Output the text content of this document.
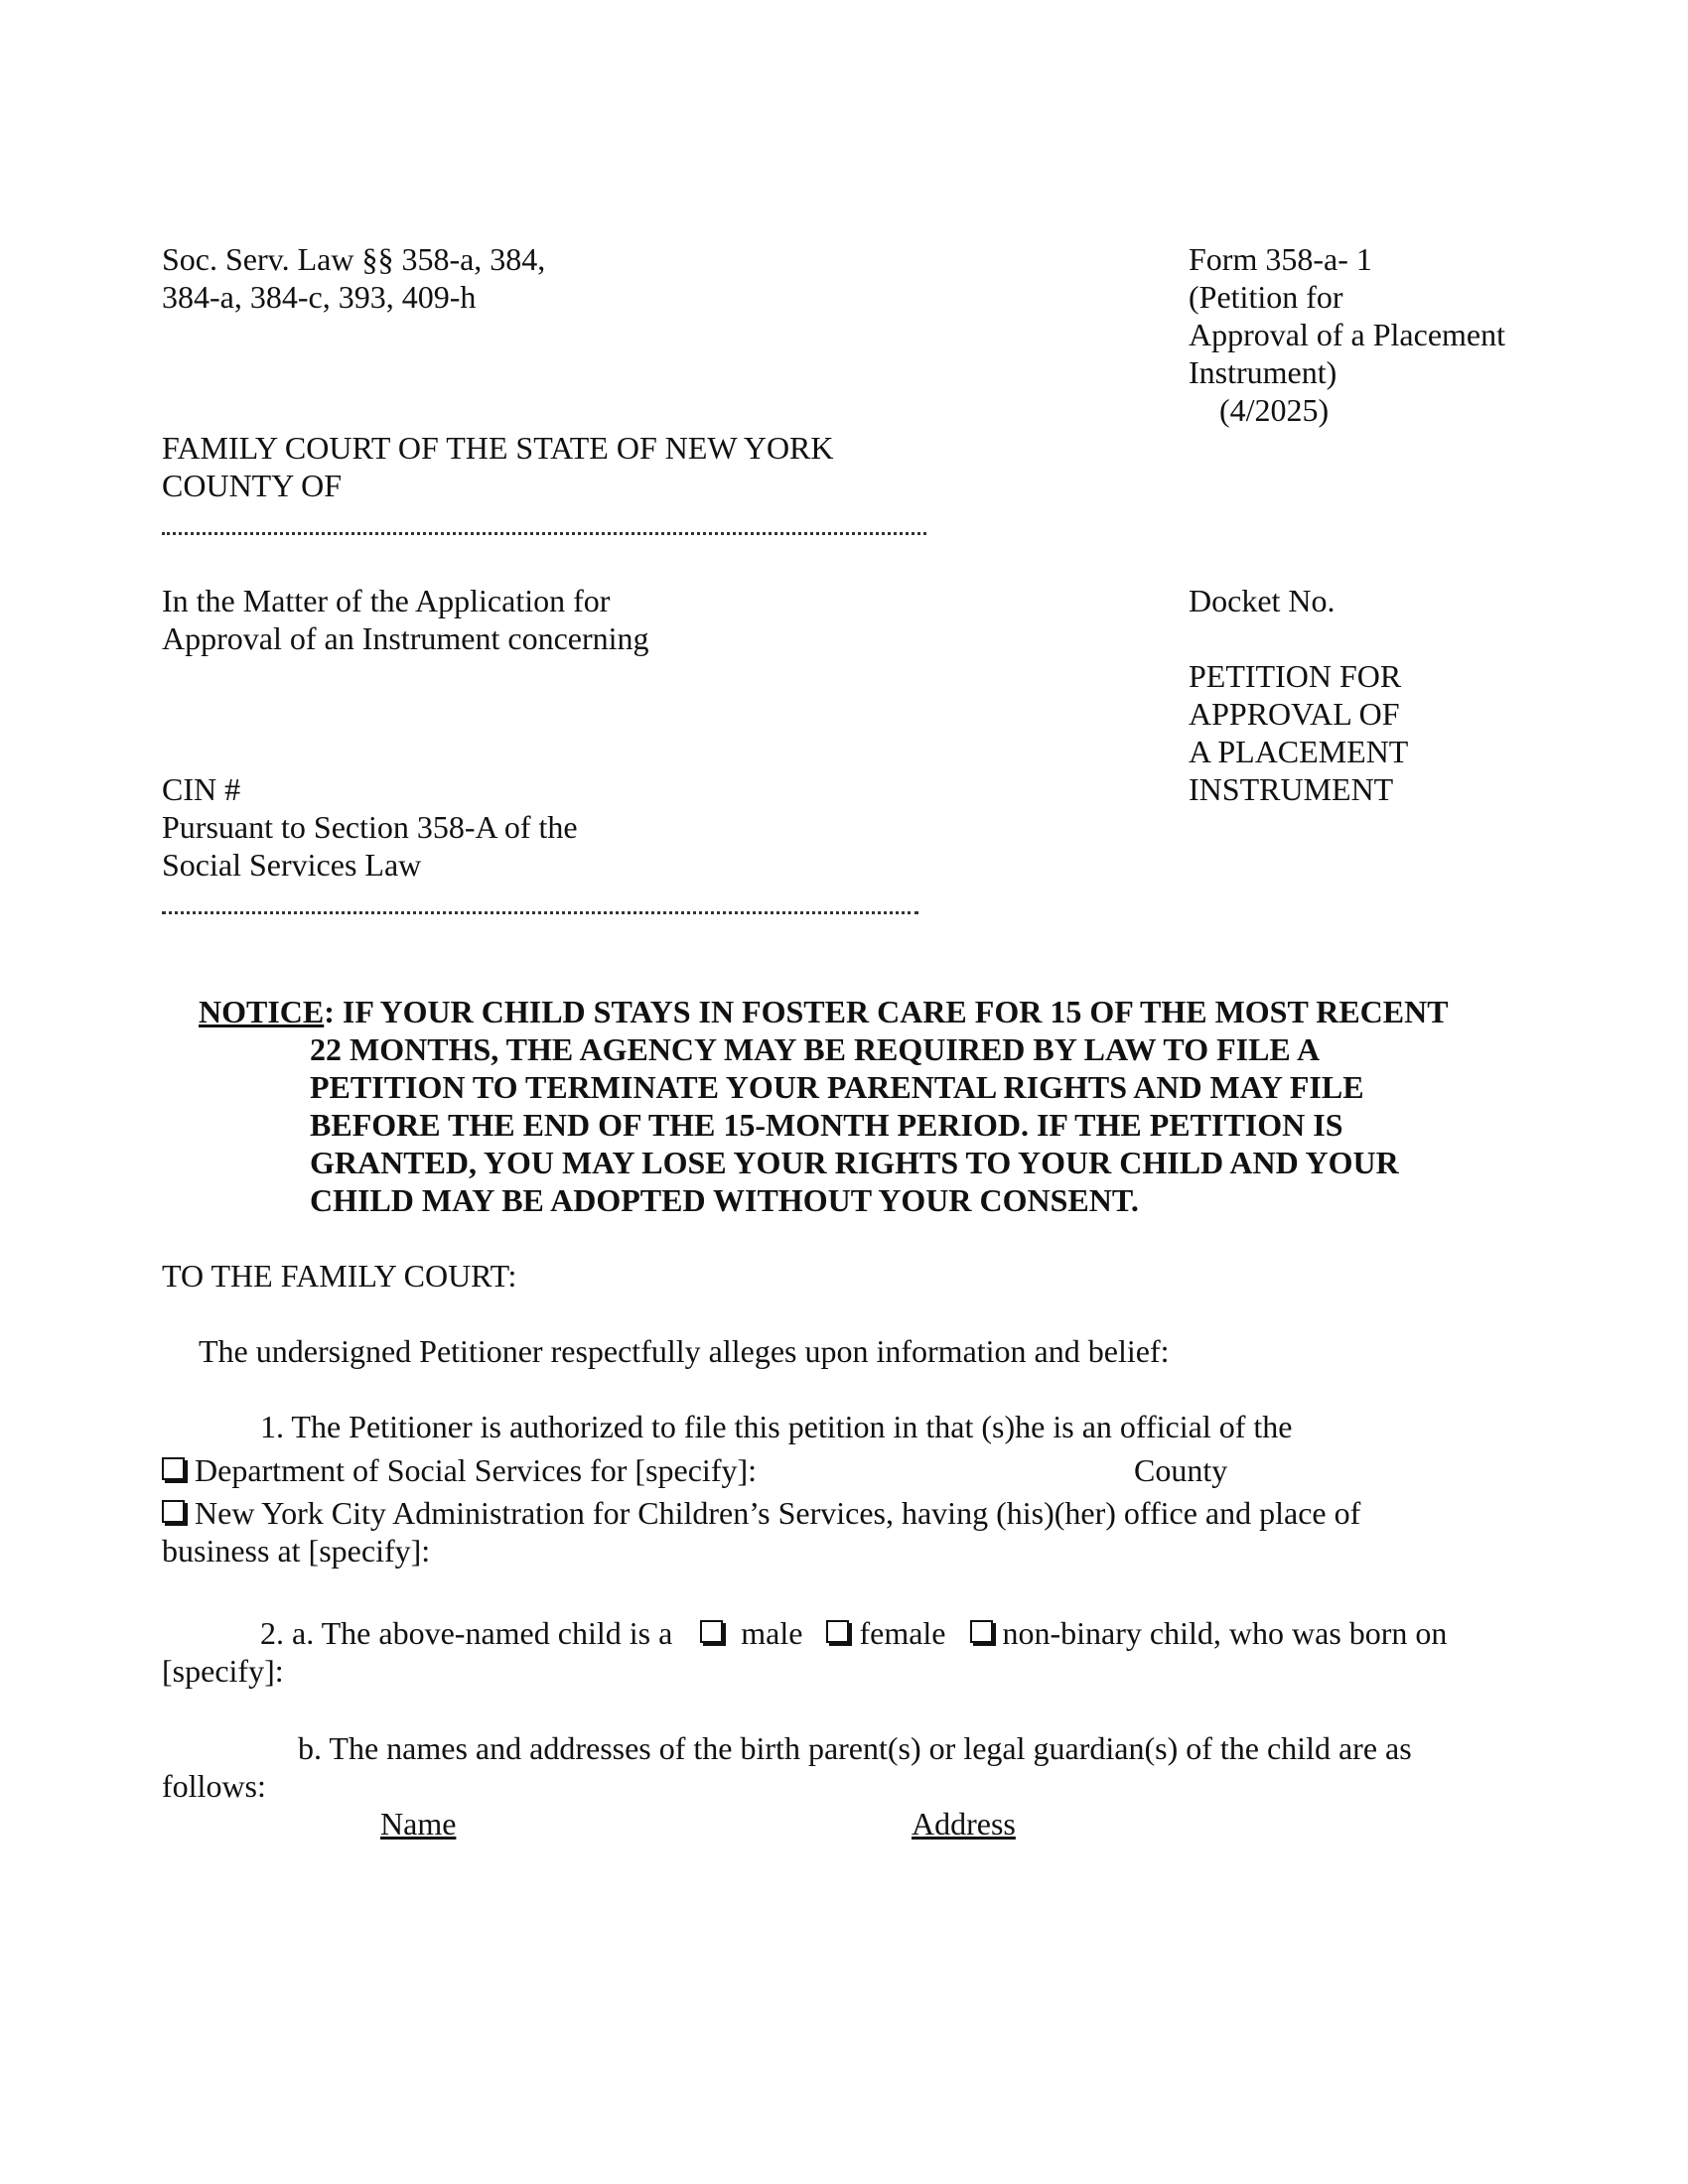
Soc. Serv. Law §§ 358-a, 384,
384-a, 384-c, 393, 409-h
Form 358-a- 1
(Petition for
Approval of a Placement
Instrument)
(4/2025)
FAMILY COURT OF THE STATE OF NEW YORK
COUNTY OF
In the Matter of the Application for
Approval of an Instrument concerning
Docket No.
PETITION FOR
APPROVAL OF
A PLACEMENT
INSTRUMENT
CIN #
Pursuant to Section 358-A of the
Social Services Law
NOTICE: IF YOUR CHILD STAYS IN FOSTER CARE FOR 15 OF THE MOST RECENT
22 MONTHS, THE AGENCY MAY BE REQUIRED BY LAW TO FILE A
PETITION TO TERMINATE YOUR PARENTAL RIGHTS AND MAY FILE
BEFORE THE END OF THE 15-MONTH PERIOD. IF THE PETITION IS
GRANTED, YOU MAY LOSE YOUR RIGHTS TO YOUR CHILD AND YOUR
CHILD MAY BE ADOPTED WITHOUT YOUR CONSENT.
TO THE FAMILY COURT:
The undersigned Petitioner respectfully alleges upon information and belief:
1. The Petitioner is authorized to file this petition in that (s)he is an official of the
Department of Social Services for [specify]:	County
New York City Administration for Children’s Services, having (his)(her) office and place of
business at [specify]:
2. a. The above-named child is a male female non-binary child, who was born on
[specify]:
b. The names and addresses of the birth parent(s) or legal guardian(s) of the child are as
follows:
Name	Address
